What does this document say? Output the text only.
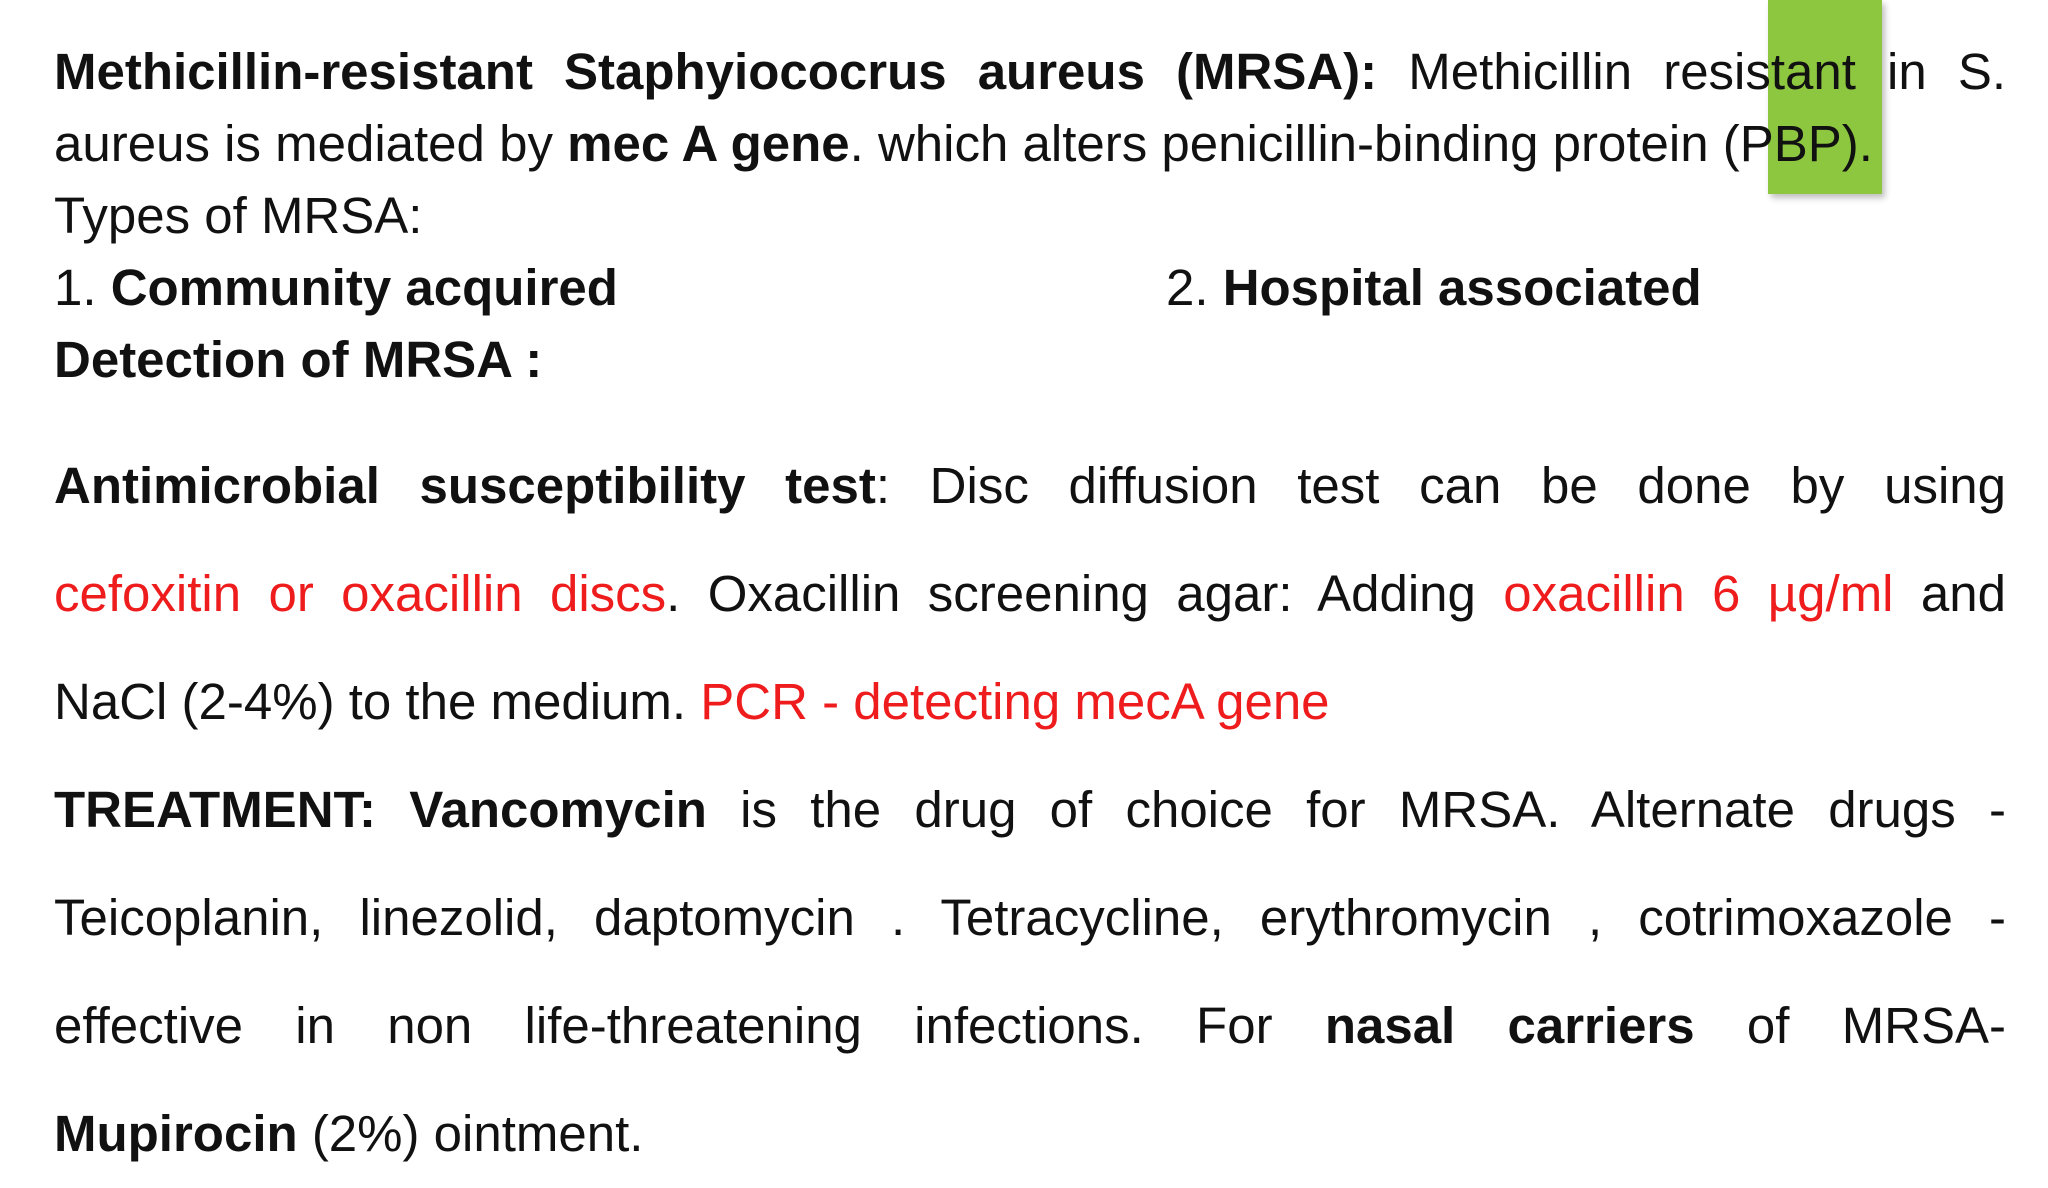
Methicillin-resistant Staphyiococrus aureus (MRSA): Methicillin resistant in S.
aureus is mediated by mec A gene. which alters penicillin-binding protein (PBP).
Types of MRSA:
1. Community acquired	2. Hospital associated
Detection of MRSA :
Antimicrobial susceptibility test: Disc diffusion test can be done by using
cefoxitin or oxacillin discs. Oxacillin screening agar: Adding oxacillin 6 µg/ml and
NaCl (2-4%) to the medium. PCR - detecting mecA gene
TREATMENT: Vancomycin is the drug of choice for MRSA. Alternate drugs -
Teicoplanin, linezolid, daptomycin . Tetracycline, erythromycin , cotrimoxazole -
effective in non life-threatening infections. For nasal carriers of MRSA-
Mupirocin (2%) ointment.
